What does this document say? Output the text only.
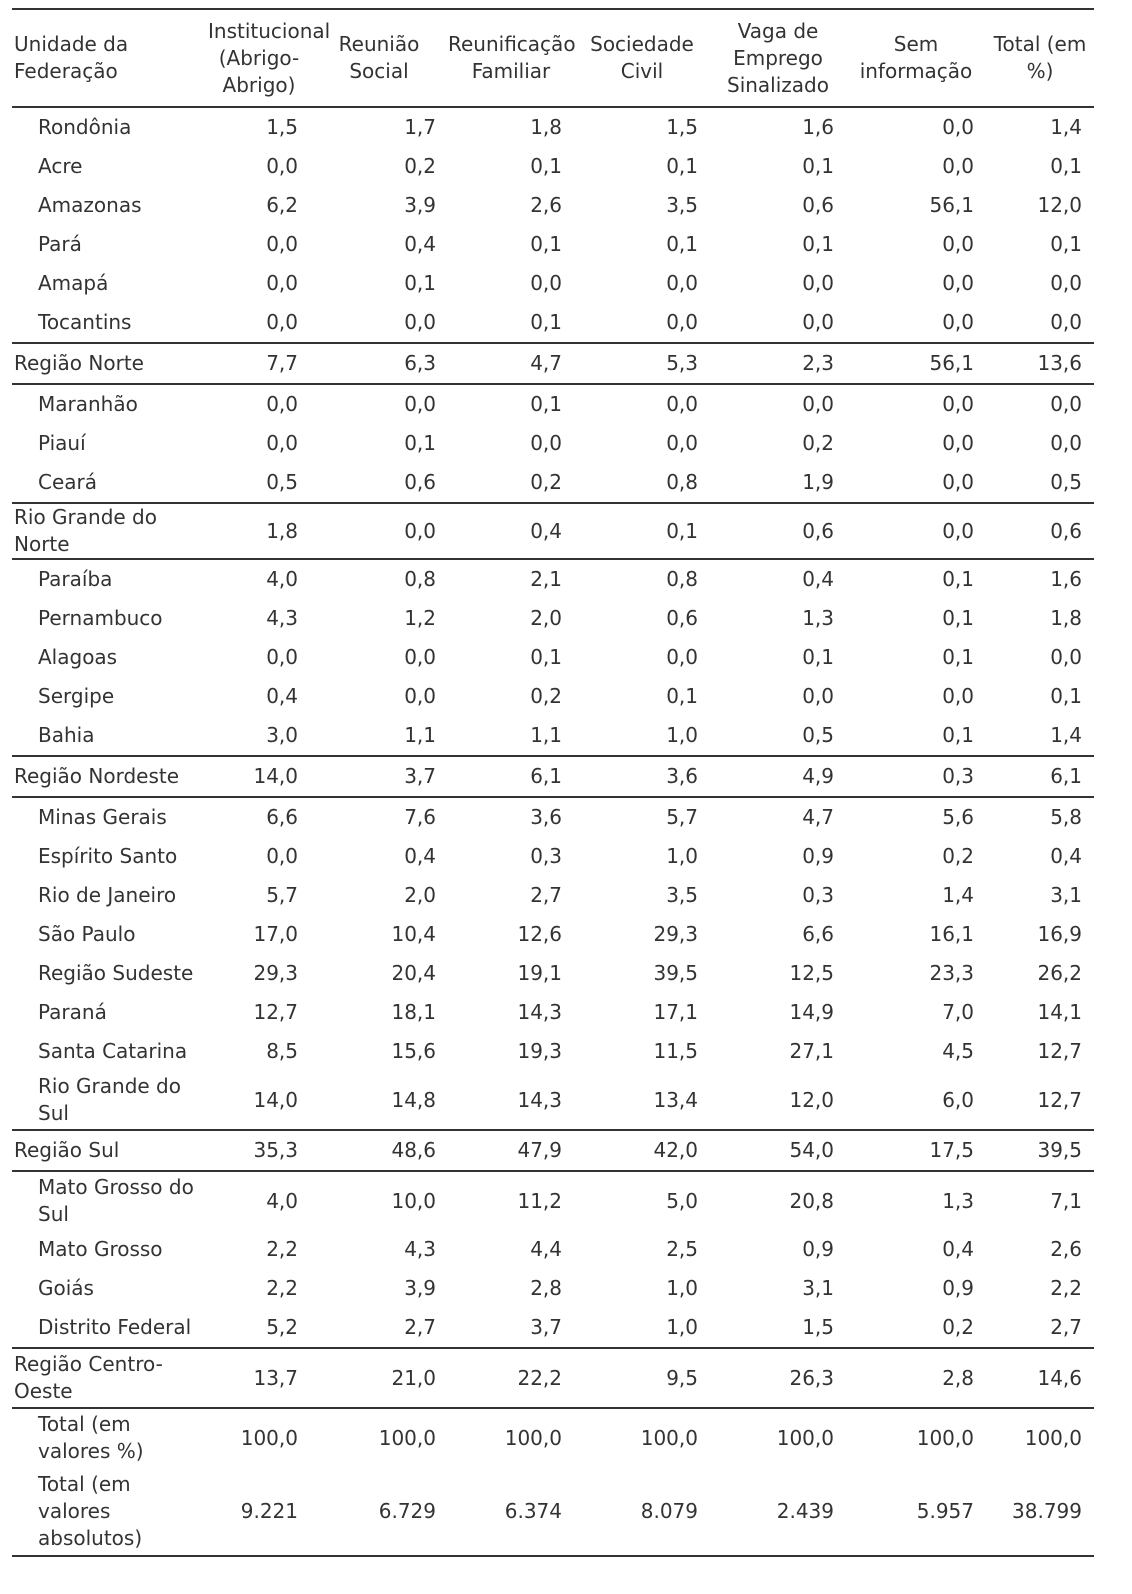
Unidade da Federação	Institucional (Abrigo-Abrigo)	Reunião Social	Reunificação Familiar	Sociedade Civil	Vaga de Emprego Sinalizado	Sem informação	Total (em %)
Rondônia	1,5	1,7	1,8	1,5	1,6	0,0	1,4
Acre	0,0	0,2	0,1	0,1	0,1	0,0	0,1
Amazonas	6,2	3,9	2,6	3,5	0,6	56,1	12,0
Pará	0,0	0,4	0,1	0,1	0,1	0,0	0,1
Amapá	0,0	0,1	0,0	0,0	0,0	0,0	0,0
Tocantins	0,0	0,0	0,1	0,0	0,0	0,0	0,0
Região Norte	7,7	6,3	4,7	5,3	2,3	56,1	13,6
Maranhão	0,0	0,0	0,1	0,0	0,0	0,0	0,0
Piauí	0,0	0,1	0,0	0,0	0,2	0,0	0,0
Ceará	0,5	0,6	0,2	0,8	1,9	0,0	0,5
Rio Grande do Norte	1,8	0,0	0,4	0,1	0,6	0,0	0,6
Paraíba	4,0	0,8	2,1	0,8	0,4	0,1	1,6
Pernambuco	4,3	1,2	2,0	0,6	1,3	0,1	1,8
Alagoas	0,0	0,0	0,1	0,0	0,1	0,1	0,0
Sergipe	0,4	0,0	0,2	0,1	0,0	0,0	0,1
Bahia	3,0	1,1	1,1	1,0	0,5	0,1	1,4
Região Nordeste	14,0	3,7	6,1	3,6	4,9	0,3	6,1
Minas Gerais	6,6	7,6	3,6	5,7	4,7	5,6	5,8
Espírito Santo	0,0	0,4	0,3	1,0	0,9	0,2	0,4
Rio de Janeiro	5,7	2,0	2,7	3,5	0,3	1,4	3,1
São Paulo	17,0	10,4	12,6	29,3	6,6	16,1	16,9
Região Sudeste	29,3	20,4	19,1	39,5	12,5	23,3	26,2
Paraná	12,7	18,1	14,3	17,1	14,9	7,0	14,1
Santa Catarina	8,5	15,6	19,3	11,5	27,1	4,5	12,7
Rio Grande do Sul	14,0	14,8	14,3	13,4	12,0	6,0	12,7
Região Sul	35,3	48,6	47,9	42,0	54,0	17,5	39,5
Mato Grosso do Sul	4,0	10,0	11,2	5,0	20,8	1,3	7,1
Mato Grosso	2,2	4,3	4,4	2,5	0,9	0,4	2,6
Goiás	2,2	3,9	2,8	1,0	3,1	0,9	2,2
Distrito Federal	5,2	2,7	3,7	1,0	1,5	0,2	2,7
Região Centro-Oeste	13,7	21,0	22,2	9,5	26,3	2,8	14,6
Total (em valores %)	100,0	100,0	100,0	100,0	100,0	100,0	100,0
Total (em valores absolutos)	9.221	6.729	6.374	8.079	2.439	5.957	38.799
